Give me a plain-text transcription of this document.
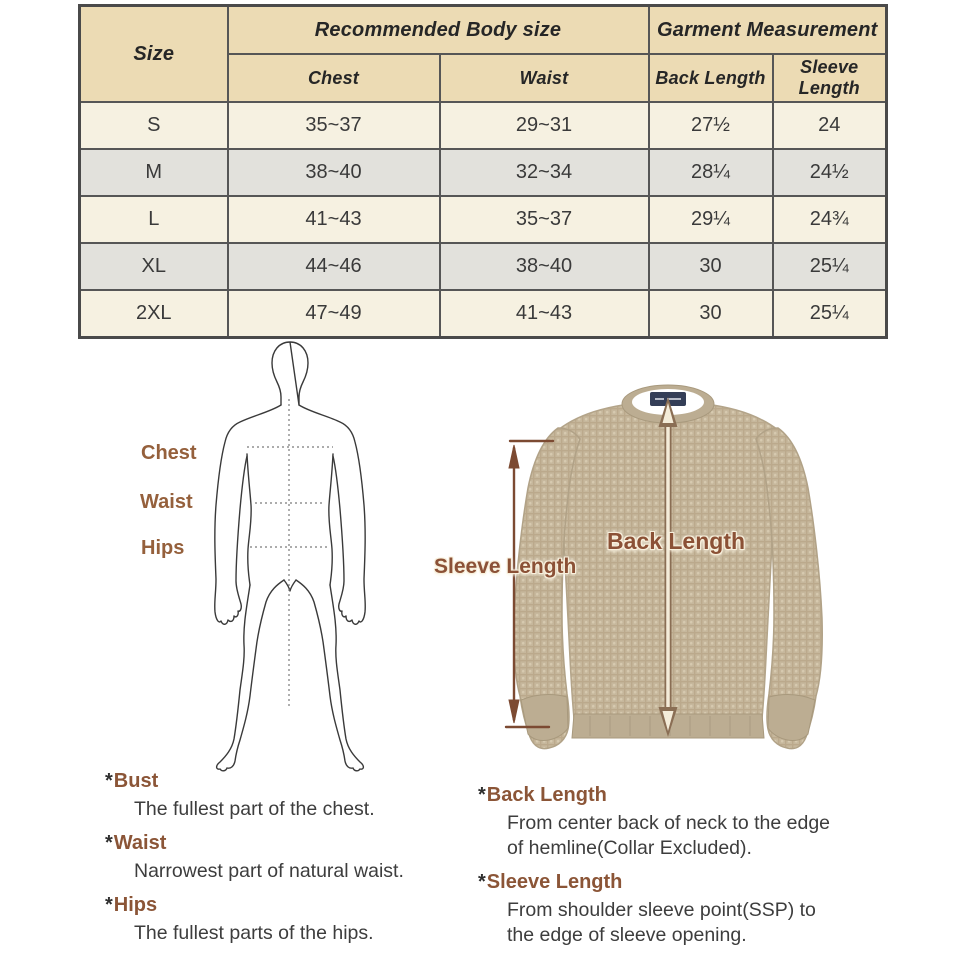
Size	Recommended Body size		Garment Measurement	
	Chest	Waist	Back Length	Sleeve Length
S	35~37	29~31	27½	24
M	38~40	32~34	28¼	24½
L	41~43	35~37	29¼	24¾
XL	44~46	38~40	30	25¼
2XL	47~49	41~43	30	25¼
Chest
Waist
Hips
Sleeve Length
Back Length
*Bust
The fullest part of the chest.
*Waist
Narrowest part of natural waist.
*Hips
The fullest parts of the hips.
*Back Length
From center back of neck to the edge of hemline(Collar Excluded).
*Sleeve Length
From shoulder sleeve point(SSP) to the edge of sleeve opening.
